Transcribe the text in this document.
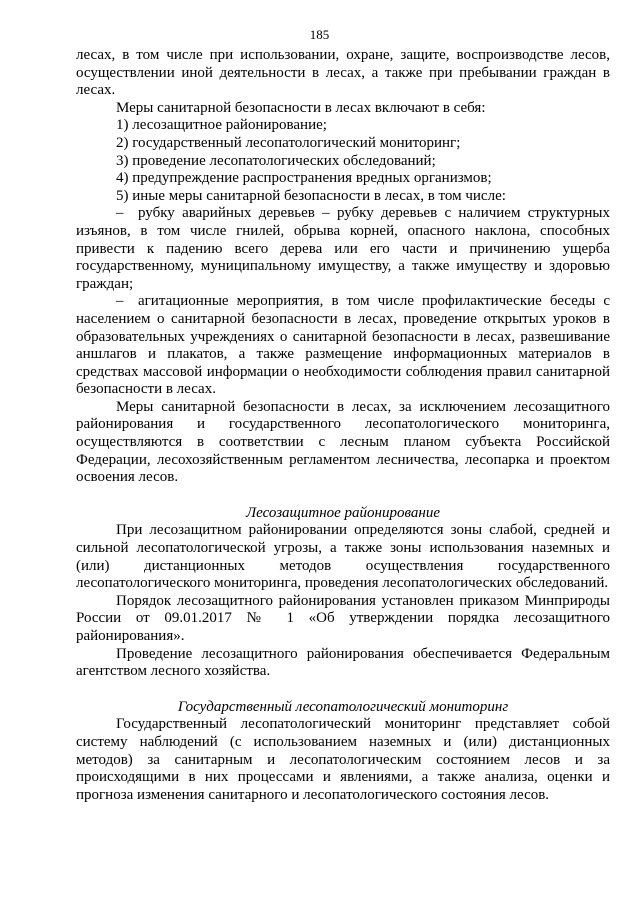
185

лесах, в том числе при использовании, охране, защите, воспроизводстве лесов, осуществлении иной деятельности в лесах, а также при пребывании граждан в лесах.

Меры санитарной безопасности в лесах включают в себя:

1) лесозащитное районирование;

2) государственный лесопатологический мониторинг;

3) проведение лесопатологических обследований;

4) предупреждение распространения вредных организмов;

5) иные меры санитарной безопасности в лесах, в том числе:

– рубку аварийных деревьев – рубку деревьев с наличием структурных изъянов, в том числе гнилей, обрыва корней, опасного наклона, способных привести к падению всего дерева или его части и причинению ущерба государственному, муниципальному имуществу, а также имуществу и здоровью граждан;

– агитационные мероприятия, в том числе профилактические беседы с населением о санитарной безопасности в лесах, проведение открытых уроков в образовательных учреждениях о санитарной безопасности в лесах, развешивание аншлагов и плакатов, а также размещение информационных материалов в средствах массовой информации о необходимости соблюдения правил санитарной безопасности в лесах.

Меры санитарной безопасности в лесах, за исключением лесозащитного районирования и государственного лесопатологического мониторинга, осуществляются в соответствии с лесным планом субъекта Российской Федерации, лесохозяйственным регламентом лесничества, лесопарка и проектом освоения лесов.

Лесозащитное районирование

При лесозащитном районировании определяются зоны слабой, средней и сильной лесопатологической угрозы, а также зоны использования наземных и (или) дистанционных методов осуществления государственного лесопатологического мониторинга, проведения лесопатологических обследований.

Порядок лесозащитного районирования установлен приказом Минприроды России от 09.01.2017 № 1 «Об утверждении порядка лесозащитного районирования».

Проведение лесозащитного районирования обеспечивается Федеральным агентством лесного хозяйства.

Государственный лесопатологический мониторинг

Государственный лесопатологический мониторинг представляет собой систему наблюдений (с использованием наземных и (или) дистанционных методов) за санитарным и лесопатологическим состоянием лесов и за происходящими в них процессами и явлениями, а также анализа, оценки и прогноза изменения санитарного и лесопатологического состояния лесов.
